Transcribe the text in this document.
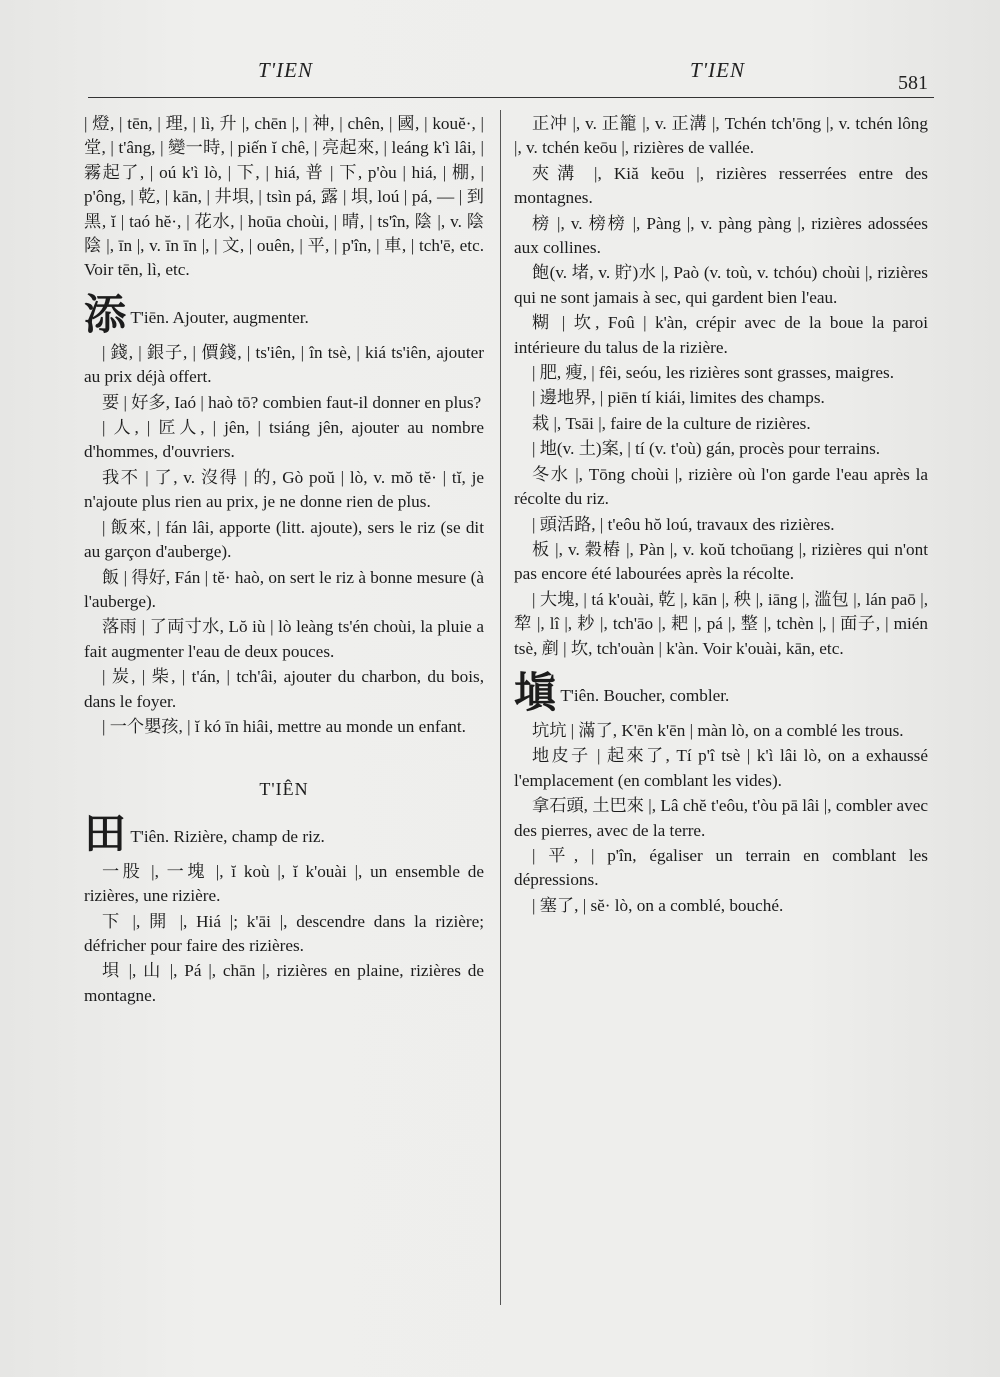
T'IEN	T'IEN
581

| 燈, | tēn, | 理, | lì, 升 |, chēn |, | 神, | chên, | 國, | kouĕ·, | 堂, | t'âng, | 變一時, | piến ĭ chê, | 亮起來, | leáng k'ì lâi, | 霧起了, | oú k'ì lò, | 下, | hiá, 普 | 下, p'òu | hiá, | 棚, | p'ông, | 乾, | kān, | 井垻, | tsìn pá, 露 | 垻, loú | pá, — | 到黑, ĭ | taó hĕ·, | 花水, | hoūa choùi, | 晴, | ts'în, 陰 |, v. 陰陰 |, īn |, v. īn īn |, | 文, | ouên, | 平, | p'în, | 車, | tch'ē, etc. Voir tēn, lì, etc.

添 T'iēn. Ajouter, augmenter.

| 錢, | 銀子, | 價錢, | ts'iên, | în tsè, | kiá ts'iên, ajouter au prix déjà offert.

要 | 好多, Iaó | haò tō? combien faut-il donner en plus?

| 人, | 匠人, | jên, | tsiáng jên, ajouter au nombre d'hommes, d'ouvriers.

我不 | 了, v. 沒得 | 的, Gò poŭ | lò, v. mŏ tĕ· | tĭ, je n'ajoute plus rien au prix, je ne donne rien de plus.

| 飯來, | fán lâi, apporte (litt. ajoute), sers le riz (se dit au garçon d'auberge).

飯 | 得好, Fán | tĕ· haò, on sert le riz à bonne mesure (à l'auberge).

落雨 | 了両寸水, Lŏ iù | lò leàng ts'én choùi, la pluie a fait augmenter l'eau de deux pouces.

| 炭, | 柴, | t'án, | tch'âi, ajouter du charbon, du bois, dans le foyer.

| 一个嬰孩, | ĭ kó īn hiâi, mettre au monde un enfant.

T'IÊN

田 T'iên. Rizière, champ de riz.

一股 |, 一塊 |, ĭ koù |, ĭ k'ouài |, un ensemble de rizières, une rizière.

下 |, 開 |, Hiá |; k'āi |, descendre dans la rizière; défricher pour faire des rizières.

垻 |, 山 |, Pá |, chān |, rizières en plaine, rizières de montagne.

正冲 |, v. 正籠 |, v. 正溝 |, Tchén tch'ōng |, v. tchén lông |, v. tchén keōu |, rizières de vallée.

夾溝 |, Kiă keōu |, rizières resserrées entre des montagnes.

榜 |, v. 榜榜 |, Pàng |, v. pàng pàng |, rizières adossées aux collines.

飽(v. 堵, v. 貯)水 |, Paò (v. toù, v. tchóu) choùi |, rizières qui ne sont jamais à sec, qui gardent bien l'eau.

糊 | 坎, Foû | k'àn, crépir avec de la boue la paroi intérieure du talus de la rizière.

| 肥, 瘦, | fêi, seóu, les rizières sont grasses, maigres.

| 邊地界, | piēn tí kiái, limites des champs.

栽 |, Tsāi |, faire de la culture de rizières.

| 地(v. 土)案, | tí (v. t'où) gán, procès pour terrains.

冬水 |, Tōng choùi |, rizière où l'on garde l'eau après la récolte du riz.

| 頭活路, | t'eôu hŏ loú, travaux des rizières.

板 |, v. 穀樁 |, Pàn |, v. koŭ tchoūang |, rizières qui n'ont pas encore été labourées après la récolte.

| 大塊, | tá k'ouài, 乾 |, kān |, 秧 |, iāng |, 滥包 |, lán paō |, 犂 |, lî |, 耖 |, tch'āo |, 耙 |, pá |, 整 |, tchèn |, | 面子, | mién tsè, 剷 | 坎, tch'ouàn | k'àn. Voir k'ouài, kān, etc.

塡 T'iên. Boucher, combler.

坑坑 | 滿了, K'ēn k'ēn | màn lò, on a comblé les trous.

地皮子 | 起來了, Tí p'î tsè | k'ì lâi lò, on a exhaussé l'emplacement (en comblant les vides).

拿石頭, 土巴來 |, Lâ chĕ t'eôu, t'òu pā lâi |, combler avec des pierres, avec de la terre.

| 平, | p'în, égaliser un terrain en comblant les dépressions.

| 塞了, | sĕ· lò, on a comblé, bouché.
